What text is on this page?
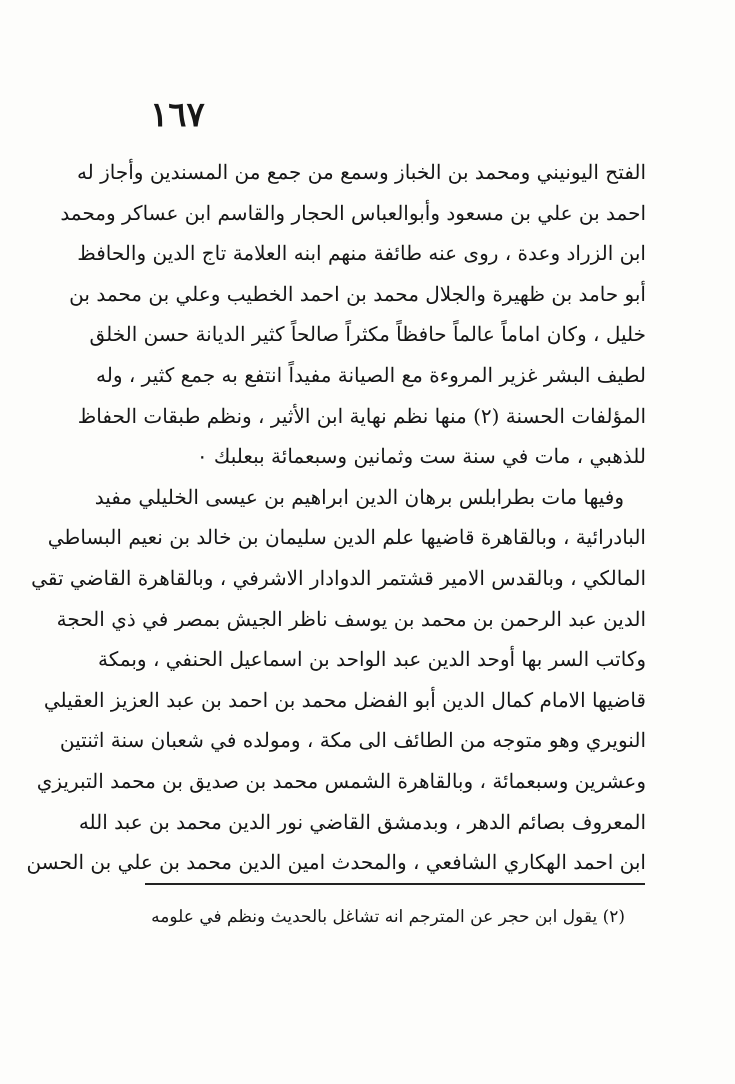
١٦٧
الفتح اليونيني ومحمد بن الخباز وسمع من جمع من المسندين وأجاز له
احمد بن علي بن مسعود وأبوالعباس الحجار والقاسم ابن عساكر ومحمد
ابن الزراد وعدة ، روى عنه طائفة منهم ابنه العلامة تاج الدين والحافظ
أبو حامد بن ظهيرة والجلال محمد بن احمد الخطيب وعلي بن محمد بن
خليل ، وكان اماماً عالماً حافظاً مكثراً صالحاً كثير الديانة حسن الخلق
لطيف البشر غزير المروءة مع الصيانة مفيداً انتفع به جمع كثير ، وله
المؤلفات الحسنة (٢) منها نظم نهاية ابن الأثير ، ونظم طبقات الحفاظ
للذهبي ، مات في سنة ست وثمانين وسبعمائة ببعلبك ٠
وفيها مات بطرابلس برهان الدين ابراهيم بن عيسى الخليلي مفيد
البادرائية ، وبالقاهرة قاضيها علم الدين سليمان بن خالد بن نعيم البساطي
المالكي ، وبالقدس الامير قشتمر الدوادار الاشرفي ، وبالقاهرة القاضي تقي
الدين عبد الرحمن بن محمد بن يوسف ناظر الجيش بمصر في ذي الحجة
وكاتب السر بها أوحد الدين عبد الواحد بن اسماعيل الحنفي ، وبمكة
قاضيها الامام كمال الدين أبو الفضل محمد بن احمد بن عبد العزيز العقيلي
النويري وهو متوجه من الطائف الى مكة ، ومولده في شعبان سنة اثنتين
وعشرين وسبعمائة ، وبالقاهرة الشمس محمد بن صديق بن محمد التبريزي
المعروف بصائم الدهر ، وبدمشق القاضي نور الدين محمد بن عبد الله
ابن احمد الهكاري الشافعي ، والمحدث امين الدين محمد بن علي بن الحسن
(٢) يقول ابن حجر عن المترجم انه تشاغل بالحديث ونظم في علومه
